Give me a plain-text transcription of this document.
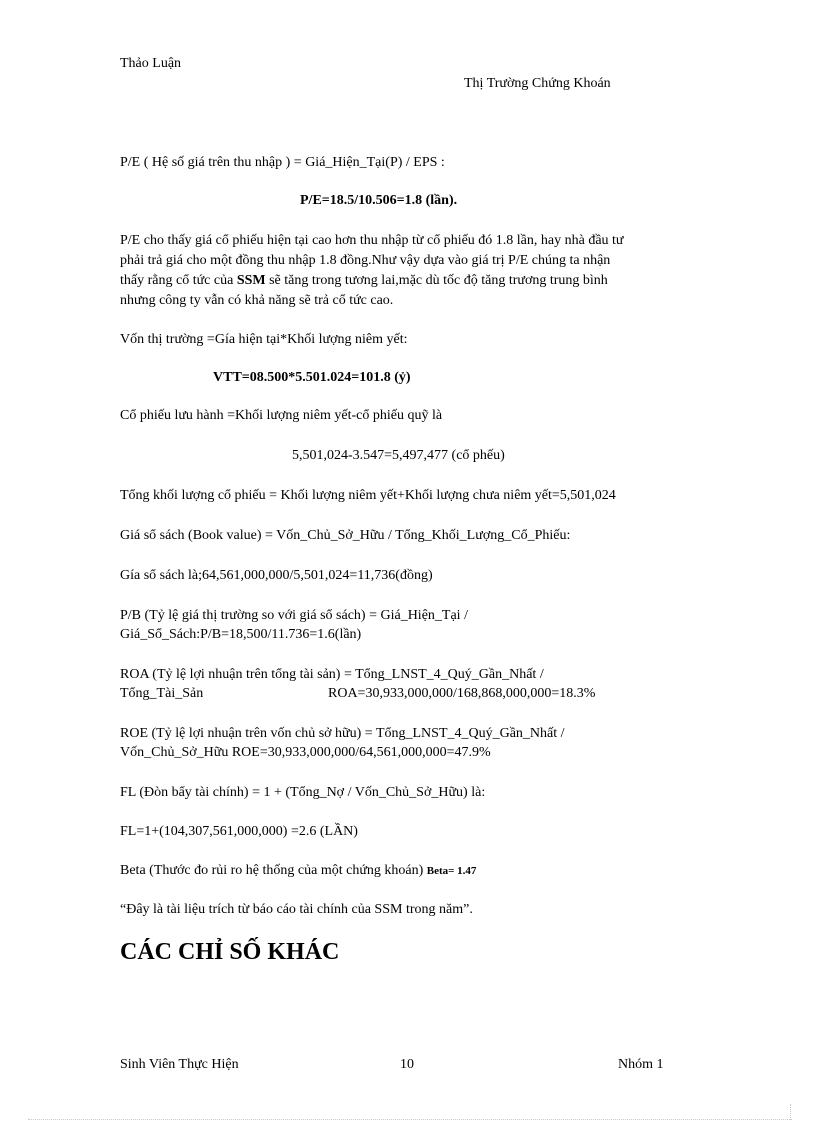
Thảo Luận
Thị Trường Chứng Khoán
P/E ( Hệ số giá trên thu nhập ) = Giá_Hiện_Tại(P) / EPS :
P/E=18.5/10.506=1.8 (lần).
P/E cho thấy giá cổ phiếu hiện tại cao hơn thu nhập từ cổ phiếu đó 1.8 lần, hay nhà đầu tư
phải trả giá cho một đồng thu nhập 1.8 đồng.Như vậy dựa vào giá trị P/E chúng ta nhận
thấy rằng cổ tức của SSM sẽ tăng trong tương lai,mặc dù tốc độ tăng trương trung bình
nhưng công ty vẫn có khả năng sẽ trả cổ tức cao.
Vốn thị trường =Gía hiện tại*Khối lượng niêm yết:
VTT=08.500*5.501.024=101.8 (ỷ)
Cổ phiếu lưu hành =Khối lượng niêm yết-cổ phiếu quỹ là
5,501,024-3.547=5,497,477 (cổ phếu)
Tổng khối lượng cổ phiếu = Khối lượng niêm yết+Khối lượng chưa niêm yết=5,501,024
Giá sổ sách (Book value) = Vốn_Chủ_Sở_Hữu / Tổng_Khối_Lượng_Cổ_Phiếu:
Gía sổ sách là;64,561,000,000/5,501,024=11,736(đồng)
P/B (Tỷ lệ giá thị trường so với giá sổ sách) = Giá_Hiện_Tại /
Giá_Sổ_Sách:P/B=18,500/11.736=1.6(lần)
ROA (Tỷ lệ lợi nhuận trên tổng tài sản) = Tổng_LNST_4_Quý_Gần_Nhất /
Tổng_Tài_Sản	ROA=30,933,000,000/168,868,000,000=18.3%
ROE (Tỷ lệ lợi nhuận trên vốn chủ sở hữu) = Tổng_LNST_4_Quý_Gần_Nhất /
Vốn_Chủ_Sở_Hữu ROE=30,933,000,000/64,561,000,000=47.9%
FL (Đòn bẩy tài chính) = 1 + (Tổng_Nợ / Vốn_Chủ_Sở_Hữu) là:
FL=1+(104,307,561,000,000) =2.6 (LẦN)
Beta (Thước đo rủi ro hệ thống của một chứng khoán) Beta= 1.47
“Đây là tài liệu trích từ báo cáo tài chính của SSM trong năm”.
CÁC CHỈ SỐ KHÁC
Sinh Viên Thực Hiện	10	Nhóm 1
